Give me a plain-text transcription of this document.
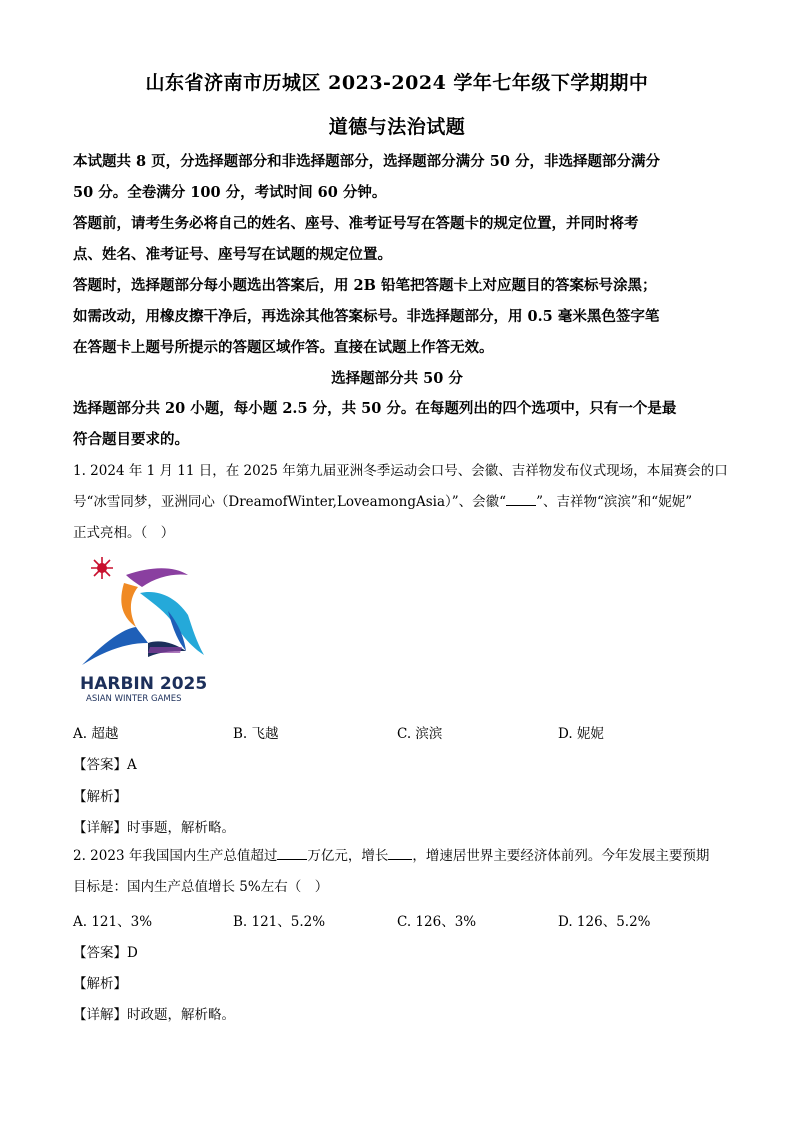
山东省济南市历城区 2023-2024 学年七年级下学期期中
道德与法治试题
本试题共 8 页，分选择题部分和非选择题部分，选择题部分满分 50 分，非选择题部分满分
50 分。全卷满分 100 分，考试时间 60 分钟。
答题前，请考生务必将自己的姓名、座号、准考证号写在答题卡的规定位置，并同时将考
点、姓名、准考证号、座号写在试题的规定位置。
答题时，选择题部分每小题选出答案后，用 2B 铅笔把答题卡上对应题目的答案标号涂黑；
如需改动，用橡皮擦干净后，再选涂其他答案标号。非选择题部分，用 0.5 毫米黑色签字笔
在答题卡上题号所提示的答题区域作答。直接在试题上作答无效。
选择题部分共 50 分
选择题部分共 20 小题，每小题 2.5 分，共 50 分。在每题列出的四个选项中，只有一个是最
符合题目要求的。
1. 2024 年 1 月 11 日，在 2025 年第九届亚洲冬季运动会口号、会徽、吉祥物发布仪式现场，本届赛会的口
号“冰雪同梦，亚洲同心（DreamofWinter,LoveamongAsia）”、会徽“ ”、吉祥物“滨滨”和“妮妮”
正式亮相。（　）
HARBIN 2025
ASIAN WINTER GAMES
A. 超越	B. 飞越	C. 滨滨	D. 妮妮
【答案】A
【解析】
【详解】时事题，解析略。
2. 2023 年我国国内生产总值超过 万亿元，增长 ，增速居世界主要经济体前列。今年发展主要预期
目标是：国内生产总值增长 5%左右（　）
A. 121、3%	B. 121、5.2%	C. 126、3%	D. 126、5.2%
【答案】D
【解析】
【详解】时政题，解析略。
